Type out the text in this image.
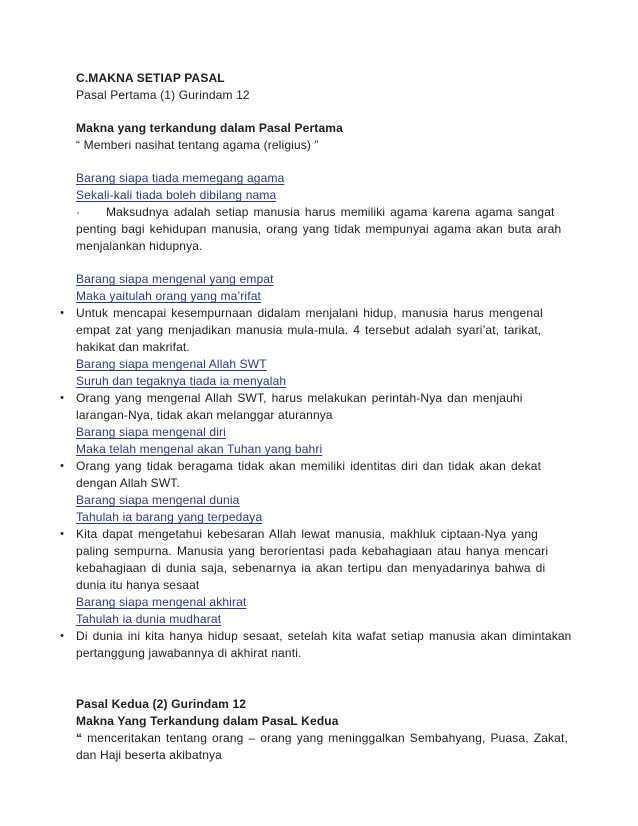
C.MAKNA SETIAP PASAL
Pasal Pertama (1) Gurindam 12
Makna yang terkandung dalam Pasal Pertama
“ Memberi nasihat tentang agama (religius) ”
Barang siapa tiada memegang agama
Sekali-kali tiada boleh dibilang nama
· Maksudnya adalah setiap manusia harus memiliki agama karena agama sangat
penting bagi kehidupan manusia, orang yang tidak mempunyai agama akan buta arah
menjalankan hidupnya.
Barang siapa mengenal yang empat
Maka yaitulah orang yang ma’rifat
• Untuk mencapai kesempurnaan didalam menjalani hidup, manusia harus mengenal
empat zat yang menjadikan manusia mula-mula. 4 tersebut adalah syari’at, tarikat,
hakikat dan makrifat.
Barang siapa mengenal Allah SWT
Suruh dan tegaknya tiada ia menyalah
• Orang yang mengenal Allah SWT, harus melakukan perintah-Nya dan menjauhi
larangan-Nya, tidak akan melanggar aturannya
Barang siapa mengenal diri
Maka telah mengenal akan Tuhan yang bahri
• Orang yang tidak beragama tidak akan memiliki identitas diri dan tidak akan dekat
dengan Allah SWT.
Barang siapa mengenal dunia
Tahulah ia barang yang terpedaya
• Kita dapat mengetahui kebesaran Allah lewat manusia, makhluk ciptaan-Nya yang
paling sempurna. Manusia yang berorientasi pada kebahagiaan atau hanya mencari
kebahagiaan di dunia saja, sebenarnya ia akan tertipu dan menyadarinya bahwa di
dunia itu hanya sesaat
Barang siapa mengenal akhirat
Tahulah ia dunia mudharat
• Di dunia ini kita hanya hidup sesaat, setelah kita wafat setiap manusia akan dimintakan
pertanggung jawabannya di akhirat nanti.
Pasal Kedua (2) Gurindam 12
Makna Yang Terkandung dalam PasaL Kedua
“ menceritakan tentang orang – orang yang meninggalkan Sembahyang, Puasa, Zakat,
dan Haji beserta akibatnya
